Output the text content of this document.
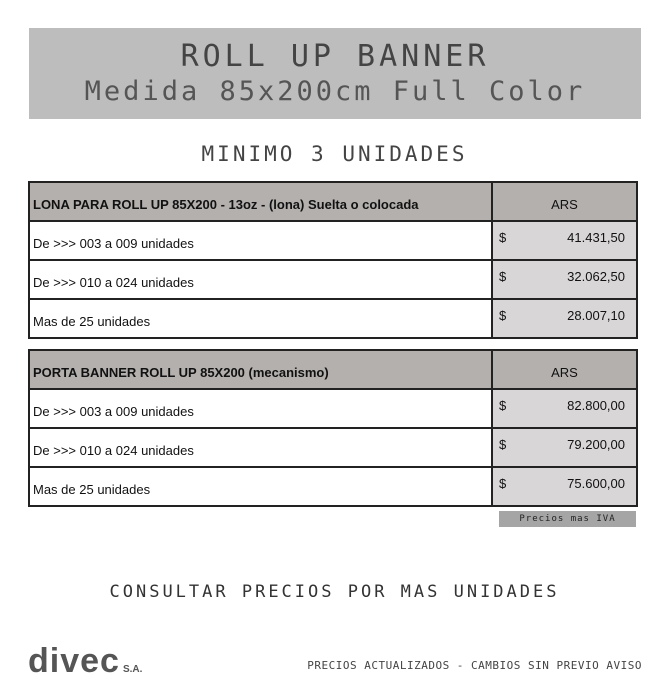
ROLL UP BANNER
Medida 85x200cm Full Color
MINIMO 3 UNIDADES
LONA PARA ROLL UP 85X200 - 13oz - (lona) Suelta o colocada	ARS
De >>> 003 a 009 unidades	$ 41.431,50

De >>> 010 a 024 unidades	$ 32.062,50

Mas de 25 unidades	$ 28.007,10
PORTA BANNER ROLL UP 85X200 (mecanismo)	ARS
De >>> 003 a 009 unidades	$ 82.800,00

De >>> 010 a 024 unidades	$ 79.200,00

Mas de 25 unidades	$ 75.600,00
Precios mas IVA
CONSULTAR PRECIOS POR MAS UNIDADES
divec S.A.	PRECIOS ACTUALIZADOS - CAMBIOS SIN PREVIO AVISO
